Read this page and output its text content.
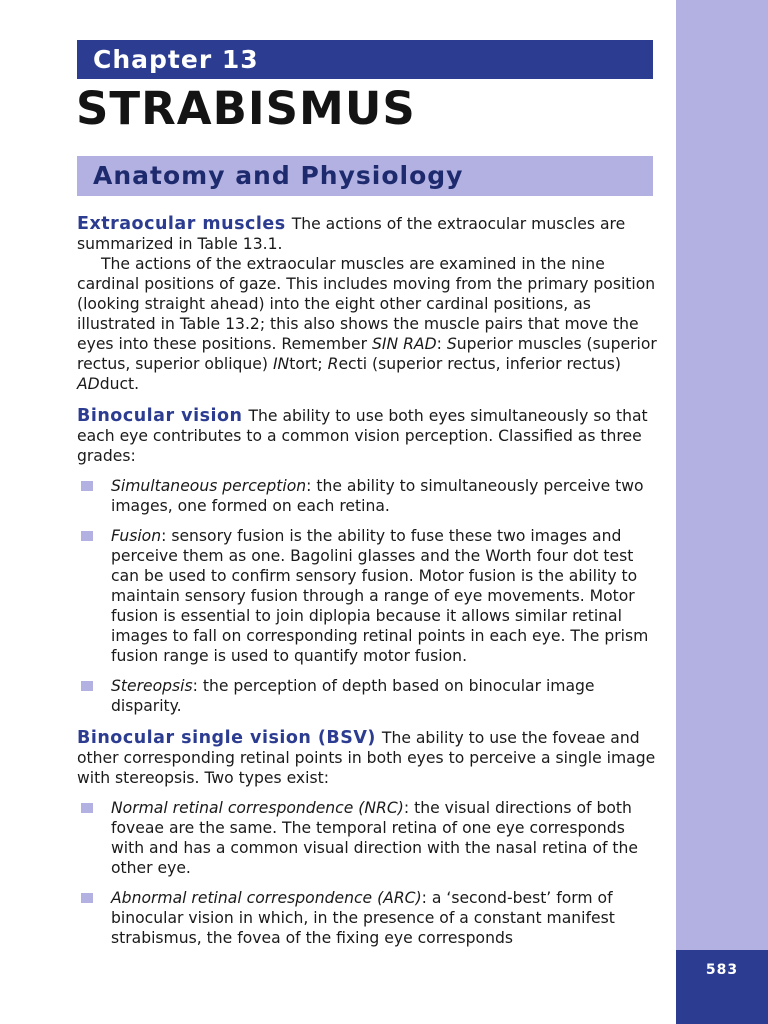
583
Chapter 13
STRABISMUS
Anatomy and Physiology

Extraocular muscles The actions of the extraocular muscles are summarized in Table 13.1.

The actions of the extraocular muscles are examined in the nine cardinal positions of gaze. This includes moving from the primary position (looking straight ahead) into the eight other cardinal positions, as illustrated in Table 13.2; this also shows the muscle pairs that move the eyes into these positions. Remember SIN RAD: Superior muscles (superior rectus, superior oblique) INtort; Recti (superior rectus, inferior rectus) ADduct.

Binocular vision The ability to use both eyes simultaneously so that each eye contributes to a common vision perception. Classified as three grades:

Simultaneous perception: the ability to simultaneously perceive two images, one formed on each retina.
Fusion: sensory fusion is the ability to fuse these two images and perceive them as one. Bagolini glasses and the Worth four dot test can be used to confirm sensory fusion. Motor fusion is the ability to maintain sensory fusion through a range of eye movements. Motor fusion is essential to join diplopia because it allows similar retinal images to fall on corresponding retinal points in each eye. The prism fusion range is used to quantify motor fusion.
Stereopsis: the perception of depth based on binocular image disparity.

Binocular single vision (BSV) The ability to use the foveae and other corresponding retinal points in both eyes to perceive a single image with stereopsis. Two types exist:

Normal retinal correspondence (NRC): the visual directions of both foveae are the same. The temporal retina of one eye corresponds with and has a common visual direction with the nasal retina of the other eye.
Abnormal retinal correspondence (ARC): a ‘second-best’ form of binocular vision in which, in the presence of a constant manifest strabismus, the fovea of the fixing eye corresponds
